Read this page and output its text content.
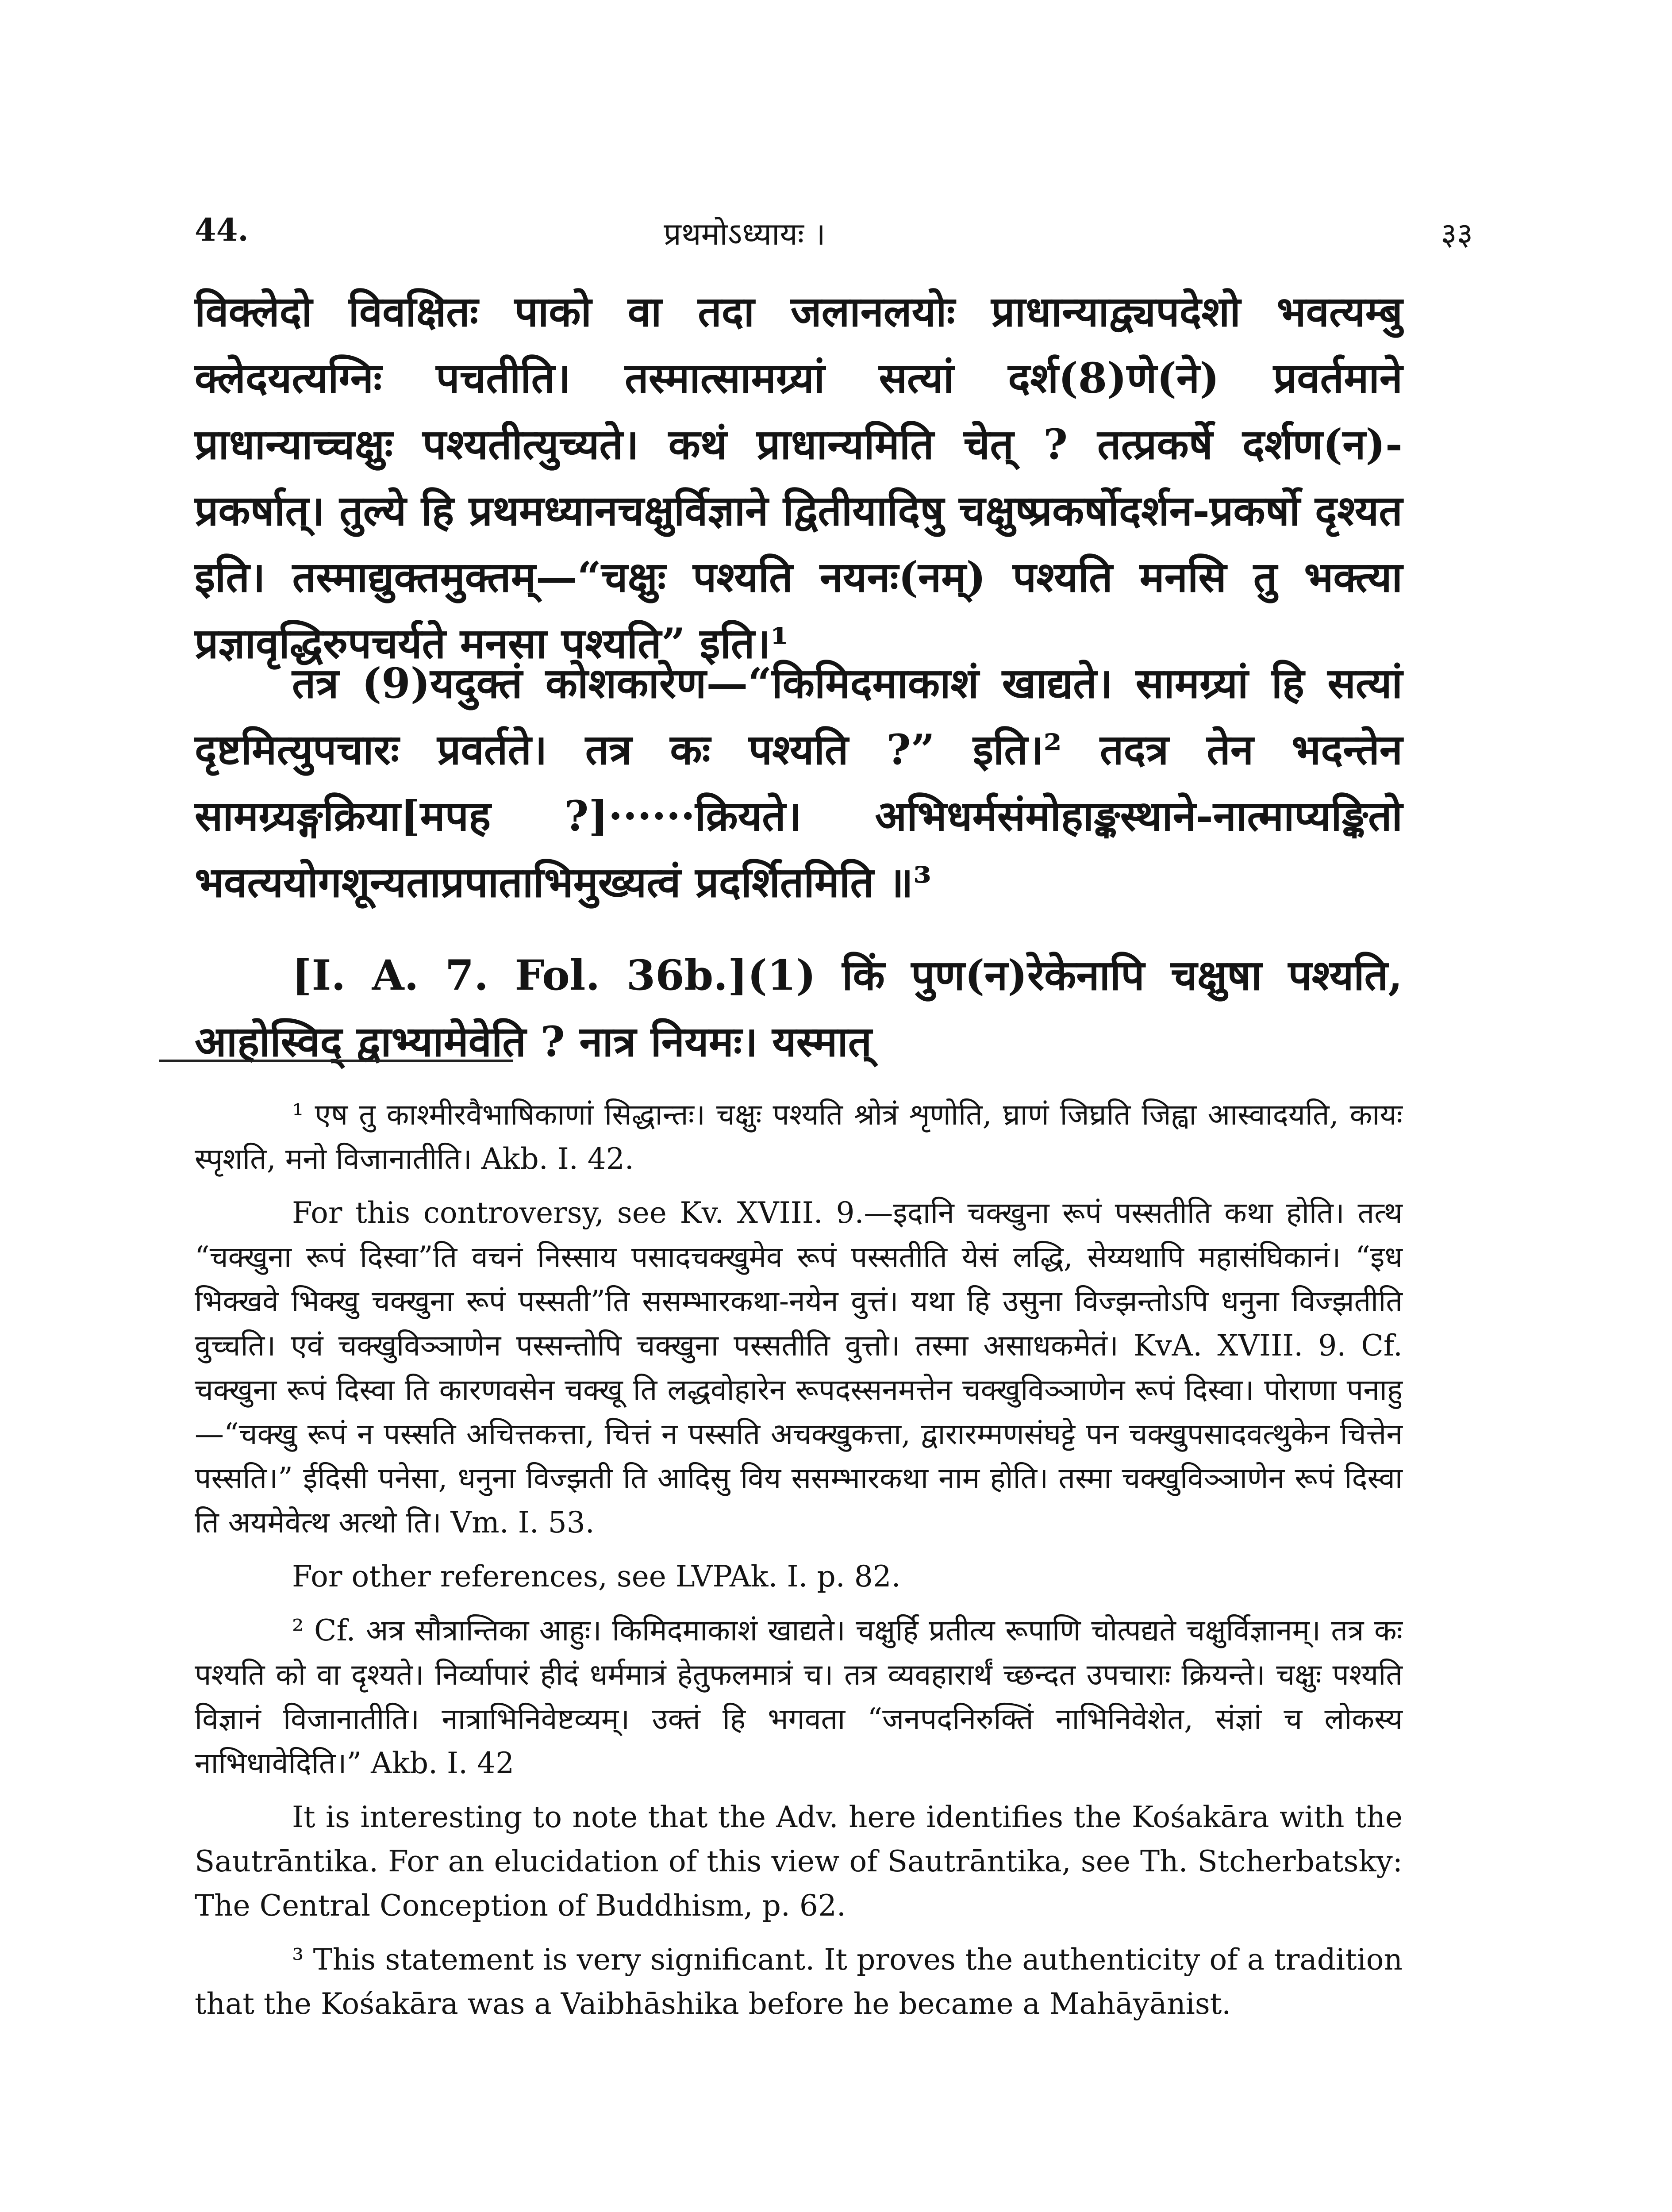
44.	प्रथमोऽध्यायः ।	३३

विक्लेदो विवक्षितः पाको वा तदा जलानलयोः प्राधान्याद्व्यपदेशो भवत्यम्बु क्लेदयत्यग्निः पचतीति। तस्मात्सामग्र्यां सत्यां दर्श(8)णे(ने) प्रवर्तमाने प्राधान्याच्चक्षुः पश्यतीत्युच्यते। कथं प्राधान्यमिति चेत् ? तत्प्रकर्षे दर्शण(न)-प्रकर्षात्। तुल्ये हि प्रथमध्यानचक्षुर्विज्ञाने द्वितीयादिषु चक्षुष्प्रकर्षोदर्शन-प्रकर्षो दृश्यत इति। तस्माद्युक्तमुक्तम्—“चक्षुः पश्यति नयनः(नम्) पश्यति मनसि तु भक्त्या प्रज्ञावृद्धिरुपचर्यते मनसा पश्यति” इति।¹

तत्र (9)यदुक्तं कोशकारेण—“किमिदमाकाशं खाद्यते। सामग्र्यां हि सत्यां दृष्टमित्युपचारः प्रवर्तते। तत्र कः पश्यति ?” इति।² तदत्र तेन भदन्तेन सामग्र्यङ्गक्रिया[मपह ?]······क्रियते। अभिधर्मसंमोहाङ्कस्थाने-नात्माप्यङ्कितो भवत्ययोगशून्यताप्रपाताभिमुख्यत्वं प्रदर्शितमिति ॥³

[I. A. 7. Fol. 36b.](1) किं पुण(न)रेकेनापि चक्षुषा पश्यति, आहोस्विद् द्वाभ्यामेवेति ? नात्र नियमः। यस्मात्

¹ एष तु काश्मीरवैभाषिकाणां सिद्धान्तः। चक्षुः पश्यति श्रोत्रं शृणोति, घ्राणं जिघ्रति जिह्वा आस्वादयति, कायः स्पृशति, मनो विजानातीति। Akb. I. 42.

For this controversy, see Kv. XVIII. 9.—इदानि चक्खुना रूपं पस्सतीति कथा होति। तत्थ “चक्खुना रूपं दिस्वा”ति वचनं निस्साय पसादचक्खुमेव रूपं पस्सतीति येसं लद्धि, सेय्यथापि महासंघिकानं। “इध भिक्खवे भिक्खु चक्खुना रूपं पस्सती”ति ससम्भारकथा-नयेन वुत्तं। यथा हि उसुना विज्झन्तोऽपि धनुना विज्झतीति वुच्चति। एवं चक्खुविञ्ञाणेन पस्सन्तोपि चक्खुना पस्सतीति वुत्तो। तस्मा असाधकमेतं। KvA. XVIII. 9. Cf. चक्खुना रूपं दिस्वा ति कारणवसेन चक्खू ति लद्धवोहारेन रूपदस्सनमत्तेन चक्खुविञ्ञाणेन रूपं दिस्वा। पोराणा पनाहु—“चक्खु रूपं न पस्सति अचित्तकत्ता, चित्तं न पस्सति अचक्खुकत्ता, द्वारारम्मणसंघट्टे पन चक्खुपसादवत्थुकेन चित्तेन पस्सति।” ईदिसी पनेसा, धनुना विज्झती ति आदिसु विय ससम्भारकथा नाम होति। तस्मा चक्खुविञ्ञाणेन रूपं दिस्वा ति अयमेवेत्थ अत्थो ति। Vm. I. 53.

For other references, see LVPAk. I. p. 82.

² Cf. अत्र सौत्रान्तिका आहुः। किमिदमाकाशं खाद्यते। चक्षुर्हि प्रतीत्य रूपाणि चोत्पद्यते चक्षुर्विज्ञानम्। तत्र कः पश्यति को वा दृश्यते। निर्व्यापारं हीदं धर्ममात्रं हेतुफलमात्रं च। तत्र व्यवहारार्थं च्छन्दत उपचाराः क्रियन्ते। चक्षुः पश्यति विज्ञानं विजानातीति। नात्राभिनिवेष्टव्यम्। उक्तं हि भगवता “जनपदनिरुक्तिं नाभिनिवेशेत, संज्ञां च लोकस्य नाभिधावेदिति।” Akb. I. 42

It is interesting to note that the Adv. here identifies the Kośakāra with the Sautrāntika. For an elucidation of this view of Sautrāntika, see Th. Stcherbatsky: The Central Conception of Buddhism, p. 62.

³ This statement is very significant. It proves the authenticity of a tradition that the Kośakāra was a Vaibhāshika before he became a Mahāyānist.
